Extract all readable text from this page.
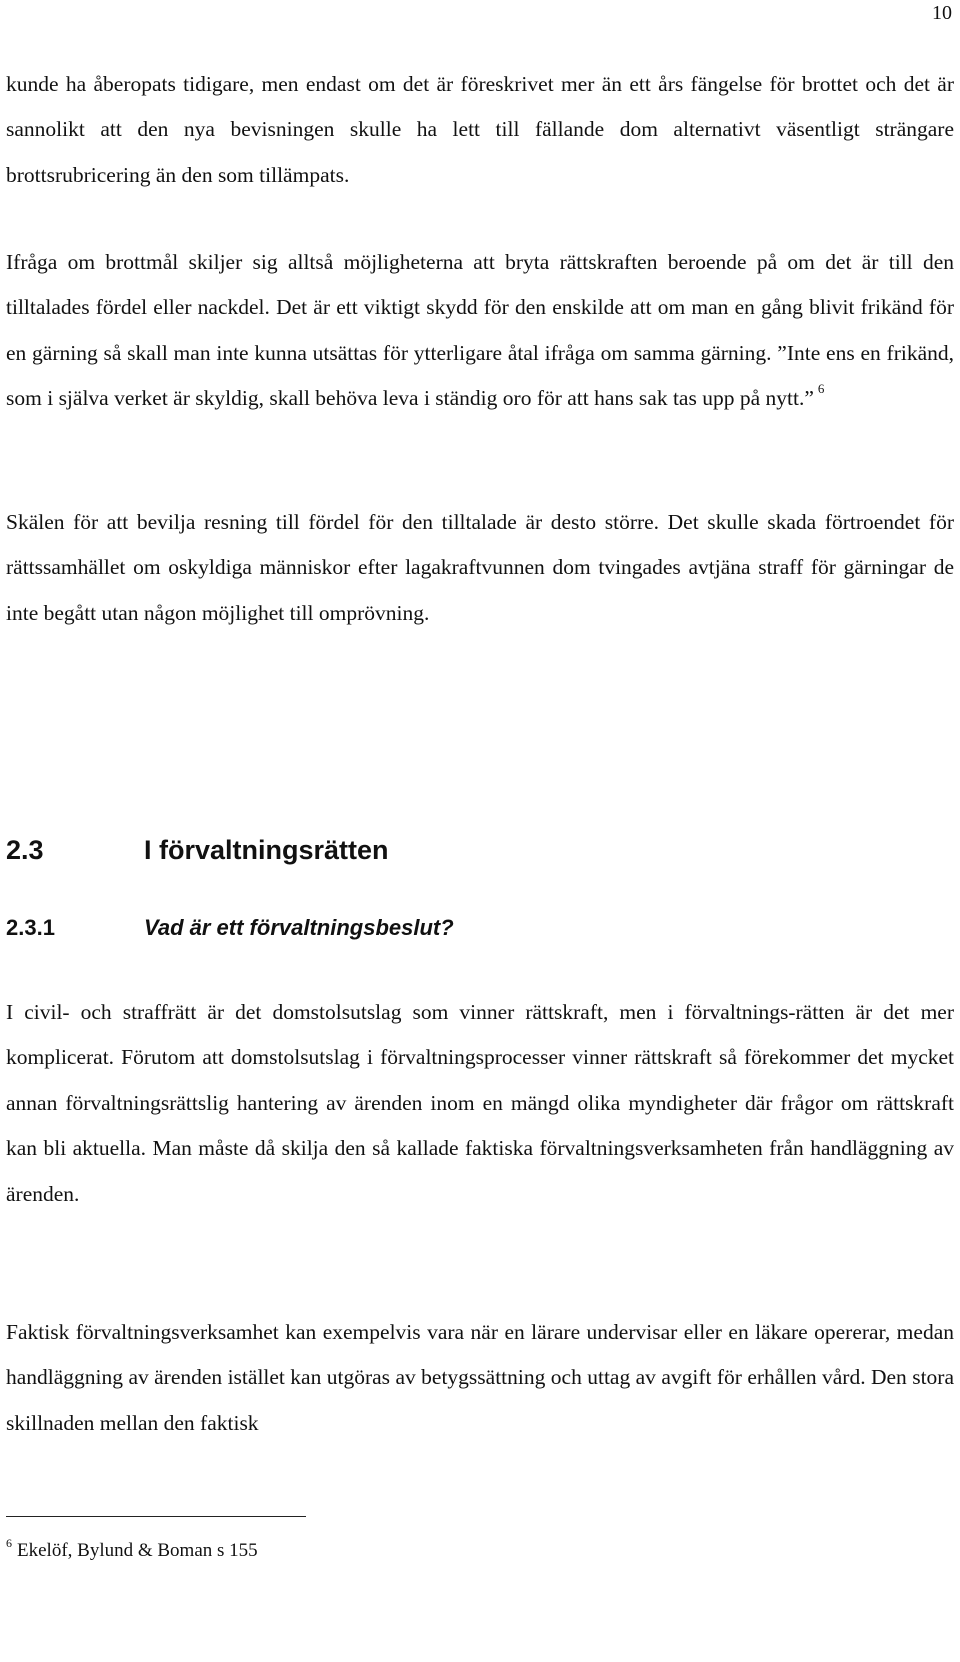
10

kunde ha åberopats tidigare, men endast om det är föreskrivet mer än ett års fängelse för brottet och det är sannolikt att den nya bevisningen skulle ha lett till fällande dom alternativt väsentligt strängare brottsrubricering än den som tillämpats.

Ifråga om brottmål skiljer sig alltså möjligheterna att bryta rättskraften beroende på om det är till den tilltalades fördel eller nackdel. Det är ett viktigt skydd för den enskilde att om man en gång blivit frikänd för en gärning så skall man inte kunna utsättas för ytterligare åtal ifråga om samma gärning. ”Inte ens en frikänd, som i själva verket är skyldig, skall behöva leva i ständig oro för att hans sak tas upp på nytt.” $^6$

Skälen för att bevilja resning till fördel för den tilltalade är desto större. Det skulle skada förtroendet för rättssamhället om oskyldiga människor efter lagakraftvunnen dom tvingades avtjäna straff för gärningar de inte begått utan någon möjlighet till omprövning.

2.3	I förvaltningsrätten
2.3.1	Vad är ett förvaltningsbeslut?

I civil- och straffrätt är det domstolsutslag som vinner rättskraft, men i förvaltnings-rätten är det mer komplicerat. Förutom att domstolsutslag i förvaltningsprocesser vinner rättskraft så förekommer det mycket annan förvaltningsrättslig hantering av ärenden inom en mängd olika myndigheter där frågor om rättskraft kan bli aktuella. Man måste då skilja den så kallade faktiska förvaltningsverksamheten från handläggning av ärenden.

Faktisk förvaltningsverksamhet kan exempelvis vara när en lärare undervisar eller en läkare opererar, medan handläggning av ärenden istället kan utgöras av betygssättning och uttag av avgift för erhållen vård. Den stora skillnaden mellan den faktisk

$^6$ Ekelöf, Bylund & Boman s 155
